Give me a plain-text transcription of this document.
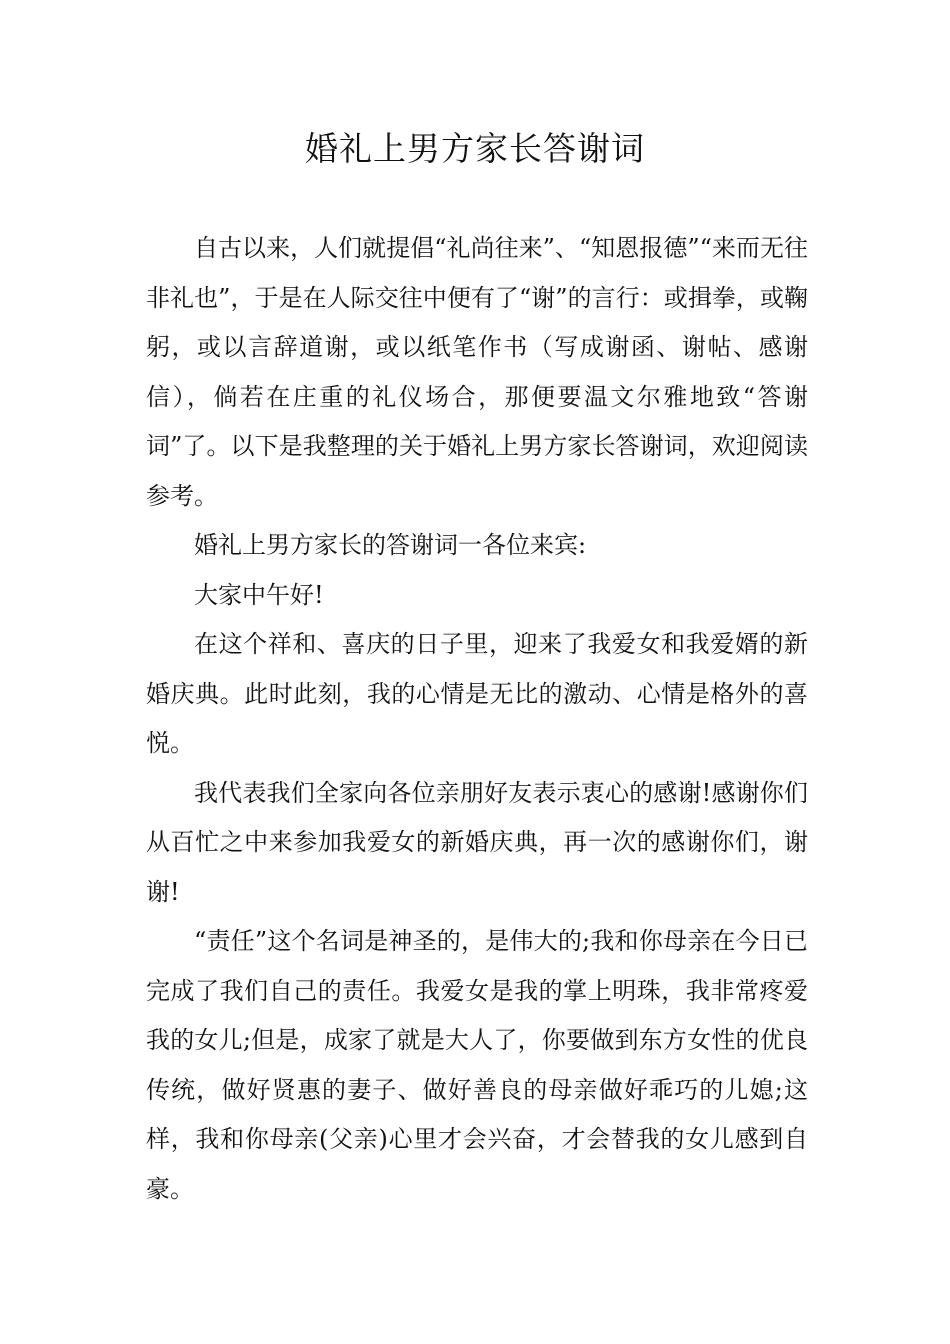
婚礼上男方家长答谢词

自古以来，人们就提倡“礼尚往来”、“知恩报德”“来而无往非礼也”，于是在人际交往中便有了“谢”的言行：或揖拳，或鞠躬，或以言辞道谢，或以纸笔作书（写成谢函、谢帖、感谢信），倘若在庄重的礼仪场合，那便要温文尔雅地致“答谢词”了。以下是我整理的关于婚礼上男方家长答谢词，欢迎阅读参考。

婚礼上男方家长的答谢词一各位来宾:

大家中午好!

在这个祥和、喜庆的日子里，迎来了我爱女和我爱婿的新婚庆典。此时此刻，我的心情是无比的激动、心情是格外的喜悦。

我代表我们全家向各位亲朋好友表示衷心的感谢!感谢你们从百忙之中来参加我爱女的新婚庆典，再一次的感谢你们，谢谢!

“责任”这个名词是神圣的，是伟大的;我和你母亲在今日已完成了我们自己的责任。我爱女是我的掌上明珠，我非常疼爱我的女儿;但是，成家了就是大人了，你要做到东方女性的优良传统，做好贤惠的妻子、做好善良的母亲做好乖巧的儿媳;这样，我和你母亲(父亲)心里才会兴奋，才会替我的女儿感到自豪。
